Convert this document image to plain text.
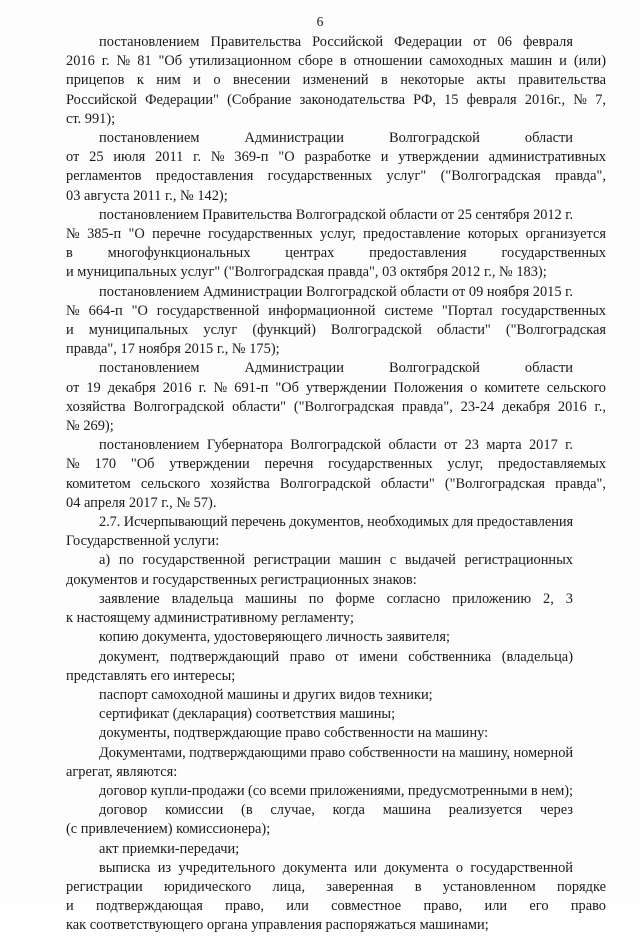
6
постановлением Правительства Российской Федерации от 06 февраля
2016 г. № 81 "Об утилизационном сборе в отношении самоходных машин и (или)
прицепов к ним и о внесении изменений в некоторые акты правительства
Российской Федерации" (Собрание законодательства РФ, 15 февраля 2016г., № 7,
ст. 991);
постановлением Администрации Волгоградской области
от 25 июля 2011 г. № 369-п "О разработке и утверждении административных
регламентов предоставления государственных услуг" ("Волгоградская правда",
03 августа 2011 г., № 142);
постановлением Правительства Волгоградской области от 25 сентября 2012 г.
№ 385-п "О перечне государственных услуг, предоставление которых организуется
в многофункциональных центрах предоставления государственных
и муниципальных услуг" ("Волгоградская правда", 03 октября 2012 г., № 183);
постановлением Администрации Волгоградской области от 09 ноября 2015 г.
№ 664-п "О государственной информационной системе "Портал государственных
и муниципальных услуг (функций) Волгоградской области" ("Волгоградская
правда", 17 ноября 2015 г., № 175);
постановлением Администрации Волгоградской области
от 19 декабря 2016 г. № 691-п "Об утверждении Положения о комитете сельского
хозяйства Волгоградской области" ("Волгоградская правда", 23-24 декабря 2016 г.,
№ 269);
постановлением Губернатора Волгоградской области от 23 марта 2017 г.
№ 170 "Об утверждении перечня государственных услуг, предоставляемых
комитетом сельского хозяйства Волгоградской области" ("Волгоградская правда",
04 апреля 2017 г., № 57).
2.7. Исчерпывающий перечень документов, необходимых для предоставления
Государственной услуги:
а) по государственной регистрации машин с выдачей регистрационных
документов и государственных регистрационных знаков:
заявление владельца машины по форме согласно приложению 2, 3
к настоящему административному регламенту;
копию документа, удостоверяющего личность заявителя;
документ, подтверждающий право от имени собственника (владельца)
представлять его интересы;
паспорт самоходной машины и других видов техники;
сертификат (декларация) соответствия машины;
документы, подтверждающие право собственности на машину:
Документами, подтверждающими право собственности на машину, номерной
агрегат, являются:
договор купли-продажи (со всеми приложениями, предусмотренными в нем);
договор комиссии (в случае, когда машина реализуется через
(с привлечением) комиссионера);
акт приемки-передачи;
выписка из учредительного документа или документа о государственной
регистрации юридического лица, заверенная в установленном порядке
и подтверждающая право, или совместное право, или его право
как соответствующего органа управления распоряжаться машинами;
